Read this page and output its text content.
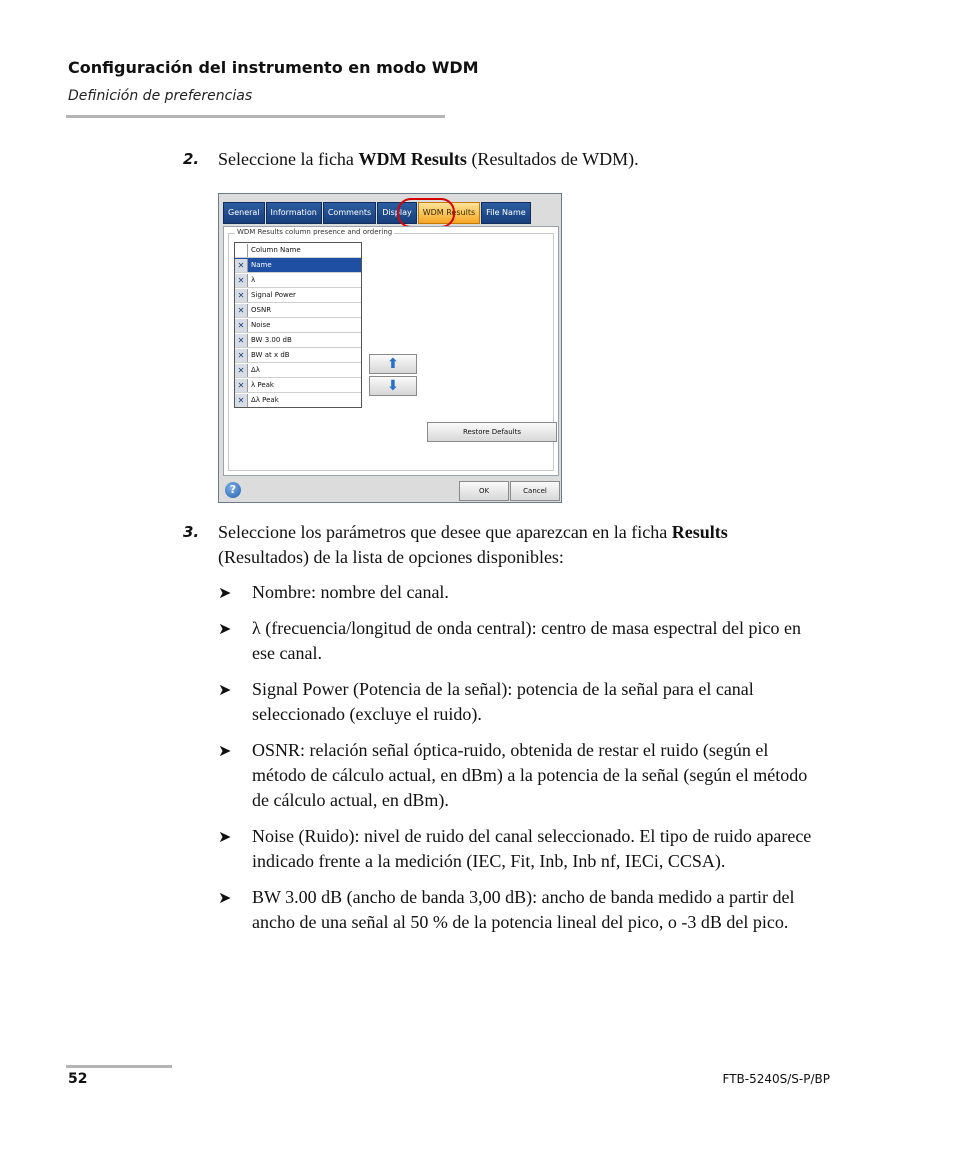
Configuración del instrumento en modo WDM
Definición de preferencias
2. Seleccione la ficha WDM Results (Resultados de WDM).
General	Information	Comments	Display	WDM Results	File Name
WDM Results column presence and ordering
Column Name
✕ Name
✕ λ
✕ Signal Power
✕ OSNR
✕ Noise
✕ BW 3.00 dB
✕ BW at x dB
✕ Δλ
✕ λ Peak
✕ Δλ Peak
⬆
⬇
Restore Defaults
?	OK	Cancel
3. Seleccione los parámetros que desee que aparezcan en la ficha Results (Resultados) de la lista de opciones disponibles:
➤ Nombre: nombre del canal.
➤ λ (frecuencia/longitud de onda central): centro de masa espectral del pico en ese canal.
➤ Signal Power (Potencia de la señal): potencia de la señal para el canal seleccionado (excluye el ruido).
➤ OSNR: relación señal óptica-ruido, obtenida de restar el ruido (según el método de cálculo actual, en dBm) a la potencia de la señal (según el método de cálculo actual, en dBm).
➤ Noise (Ruido): nivel de ruido del canal seleccionado. El tipo de ruido aparece indicado frente a la medición (IEC, Fit, Inb, Inb nf, IECi, CCSA).
➤ BW 3.00 dB (ancho de banda 3,00 dB): ancho de banda medido a partir del ancho de una señal al 50 % de la potencia lineal del pico, o -3 dB del pico.
52	FTB-5240S/S-P/BP
